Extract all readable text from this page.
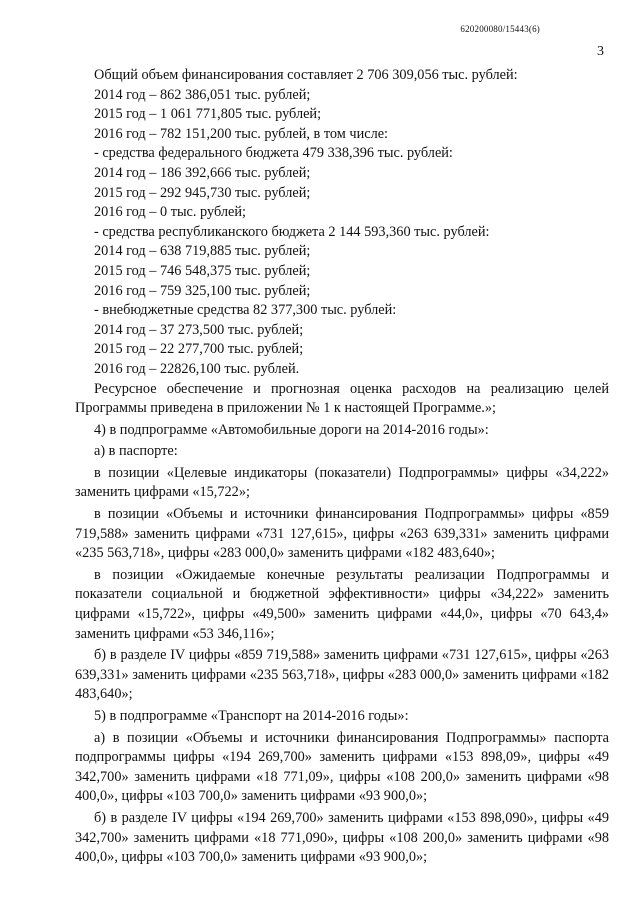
620200080/15443(6)
3

Общий объем финансирования составляет 2 706 309,056 тыс. рублей:

2014 год – 862 386,051 тыс. рублей;

2015 год – 1 061 771,805 тыс. рублей;

2016 год – 782 151,200 тыс. рублей, в том числе:

- средства федерального бюджета 479 338,396 тыс. рублей:

2014 год – 186 392,666 тыс. рублей;

2015 год – 292 945,730 тыс. рублей;

2016 год – 0 тыс. рублей;

- средства республиканского бюджета 2 144 593,360 тыс. рублей:

2014 год – 638 719,885 тыс. рублей;

2015 год – 746 548,375 тыс. рублей;

2016 год – 759 325,100 тыс. рублей;

- внебюджетные средства 82 377,300 тыс. рублей:

2014 год – 37 273,500 тыс. рублей;

2015 год – 22 277,700 тыс. рублей;

2016 год – 22826,100 тыс. рублей.

Ресурсное обеспечение и прогнозная оценка расходов на реализацию целей Программы приведена в приложении № 1 к настоящей Программе.»;

4) в подпрограмме «Автомобильные дороги на 2014-2016 годы»:

а) в паспорте:

в позиции «Целевые индикаторы (показатели) Подпрограммы» цифры «34,222» заменить цифрами «15,722»;

в позиции «Объемы и источники финансирования Подпрограммы» цифры «859 719,588» заменить цифрами «731 127,615», цифры «263 639,331» заменить цифрами «235 563,718», цифры «283 000,0» заменить цифрами «182 483,640»;

в позиции «Ожидаемые конечные результаты реализации Подпрограммы и показатели социальной и бюджетной эффективности» цифры «34,222» заменить цифрами «15,722», цифры «49,500» заменить цифрами «44,0», цифры «70 643,4» заменить цифрами «53 346,116»;

б) в разделе IV цифры «859 719,588» заменить цифрами «731 127,615», цифры «263 639,331» заменить цифрами «235 563,718», цифры «283 000,0» заменить цифрами «182 483,640»;

5) в подпрограмме «Транспорт на 2014-2016 годы»:

а) в позиции «Объемы и источники финансирования Подпрограммы» паспорта подпрограммы цифры «194 269,700» заменить цифрами «153 898,09», цифры «49 342,700» заменить цифрами «18 771,09», цифры «108 200,0» заменить цифрами «98 400,0», цифры «103 700,0» заменить цифрами «93 900,0»;

б) в разделе IV цифры «194 269,700» заменить цифрами «153 898,090», цифры «49 342,700» заменить цифрами «18 771,090», цифры «108 200,0» заменить цифрами «98 400,0», цифры «103 700,0» заменить цифрами «93 900,0»;
